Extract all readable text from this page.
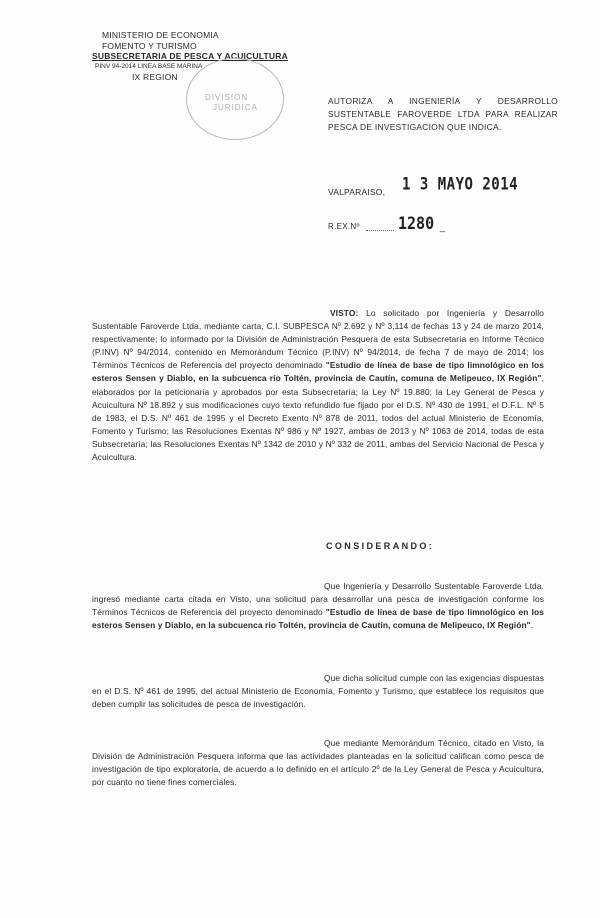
MINISTERIO DE ECONOMIA
FOMENTO Y TURISMO
SUBSECRETARIA DE PESCA Y ACUICULTURA
PINV 94-2014 LINEA BASE MARINA
IX REGION
DIVISION
JURIDICA
AUTORIZA A INGENIERÍA Y DESARROLLO SUSTENTABLE FAROVERDE LTDA PARA REALIZAR PESCA DE INVESTIGACION QUE INDICA.
VALPARAISO, 1 3 MAYO 2014
R.EX.Nº	1280 _
VISTO: Lo solicitado por Ingeniería y Desarrollo Sustentable Faroverde Ltda, mediante carta, C.I. SUBPESCA Nº 2.692 y Nº 3.114 de fechas 13 y 24 de marzo 2014, respectivamente; lo informado por la División de Administración Pesquera de esta Subsecretaría en Informe Técnico (P.INV) Nº 94/2014, contenido en Memorándum Técnico (P.INV) Nº 94/2014, de fecha 7 de mayo de 2014; los Términos Técnicos de Referencia del proyecto denominado "Estudio de línea de base de tipo limnológico en los esteros Sensen y Diablo, en la subcuenca río Toltén, provincia de Cautín, comuna de Melipeuco, IX Región", elaborados por la peticionaria y aprobados por esta Subsecretaría; la Ley Nº 19.880; la Ley General de Pesca y Acuicultura Nº 18.892 y sus modificaciones cuyo texto refundido fue fijado por el D.S. Nº 430 de 1991, el D.F.L. Nº 5 de 1983, el D.S. Nº 461 de 1995 y el Decreto Exento Nº 878 de 2011, todos del actual Ministerio de Economía, Fomento y Turismo; las Resoluciones Exentas Nº 986 y Nº 1927, ambas de 2013 y Nº 1063 de 2014, todas de esta Subsecretaría; las Resoluciones Exentas Nº 1342 de 2010 y Nº 332 de 2011, ambas del Servicio Nacional de Pesca y Acuicultura.
CONSIDERANDO:
Que Ingeniería y Desarrollo Sustentable Faroverde Ltda. ingresó mediante carta citada en Visto, una solicitud para desarrollar una pesca de investigación conforme los Términos Técnicos de Referencia del proyecto denominado "Estudio de línea de base de tipo limnológico en los esteros Sensen y Diablo, en la subcuenca río Toltén, provincia de Cautín, comuna de Melipeuco, IX Región".
Que dicha solicitud cumple con las exigencias dispuestas en el D.S. Nº 461 de 1995, del actual Ministerio de Economía, Fomento y Turismo, que establece los requisitos que deben cumplir las solicitudes de pesca de investigación.
Que mediante Memorándum Técnico, citado en Visto, la División de Administración Pesquera informa que las actividades planteadas en la solicitud califican como pesca de investigación de tipo exploratoria, de acuerdo a lo definido en el artículo 2º de la Ley General de Pesca y Acuicultura, por cuanto no tiene fines comerciales.
